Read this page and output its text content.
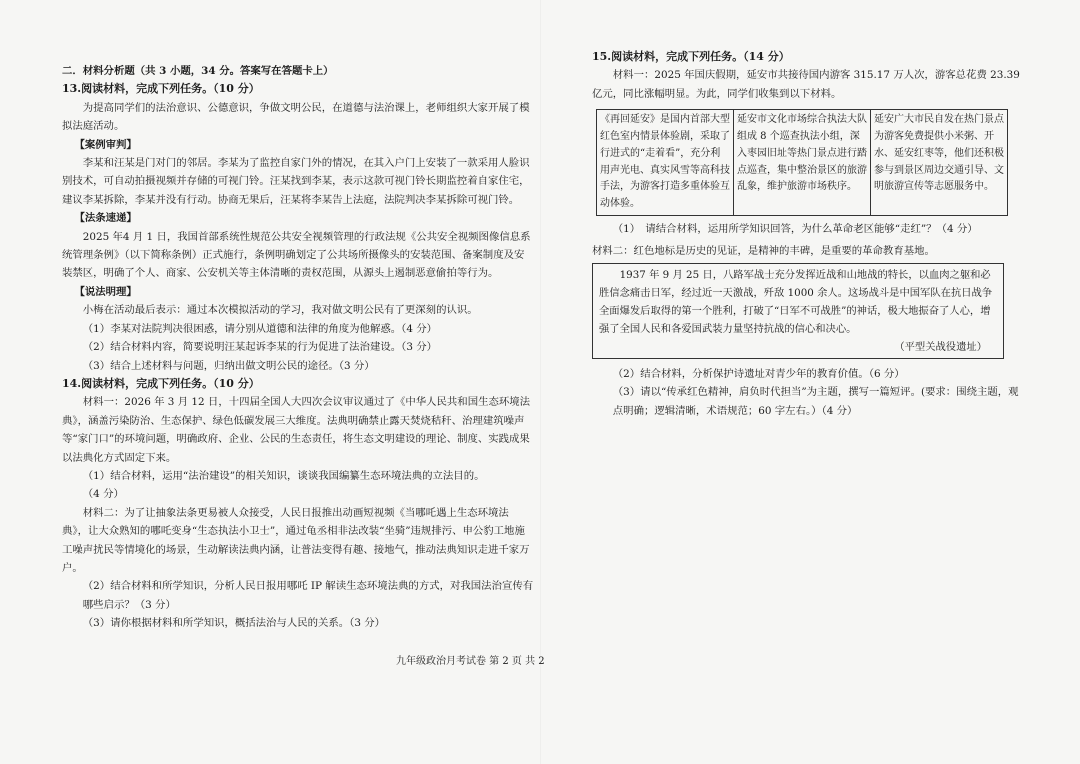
二．材料分析题（共 3 小题，34 分。答案写在答题卡上）

13.阅读材料，完成下列任务。（10 分）

为提高同学们的法治意识、公德意识，争做文明公民，在道德与法治课上，老师组织大家开展了模拟法庭活动。

【案例审判】

李某和汪某是门对门的邻居。李某为了监控自家门外的情况，在其入户门上安装了一款采用人脸识别技术，可自动拍摄视频并存储的可视门铃。汪某找到李某，表示这款可视门铃长期监控着自家住宅，建议李某拆除，李某并没有行动。协商无果后，汪某将李某告上法庭，法院判决李某拆除可视门铃。

【法条速递】

2025 年4 月 1 日，我国首部系统性规范公共安全视频管理的行政法规《公共安全视频图像信息系统管理条例》（以下简称条例）正式施行，条例明确划定了公共场所摄像头的安装范围、备案制度及安装禁区，明确了个人、商家、公安机关等主体清晰的责权范围，从源头上遏制恶意偷拍等行为。

【说法明理】

小梅在活动最后表示：通过本次模拟活动的学习，我对做文明公民有了更深刻的认识。

（1）李某对法院判决很困惑，请分别从道德和法律的角度为他解惑。（4 分）

（2）结合材料内容，简要说明汪某起诉李某的行为促进了法治建设。（3 分）

（3）结合上述材料与问题，归纳出做文明公民的途径。（3 分）

14.阅读材料，完成下列任务。（10 分）

材料一：2026 年 3 月 12 日，十四届全国人大四次会议审议通过了《中华人民共和国生态环境法典》，涵盖污染防治、生态保护、绿色低碳发展三大维度。法典明确禁止露天焚烧秸秆、治理建筑噪声等“家门口”的环境问题，明确政府、企业、公民的生态责任，将生态文明建设的理论、制度、实践成果以法典化方式固定下来。

（1）结合材料，运用“法治建设”的相关知识，谈谈我国编纂生态环境法典的立法目的。

（4 分）

材料二：为了让抽象法条更易被人众接受，人民日报推出动画短视频《当哪吒遇上生态环境法典》，让大众熟知的哪吒变身“生态执法小卫士”，通过龟丞相非法改装“坐骑”违规排污、申公豹工地施工噪声扰民等情境化的场景，生动解读法典内涵，让普法变得有趣、接地气，推动法典知识走进千家万户。

（2）结合材料和所学知识，分析人民日报用哪吒 IP 解读生态环境法典的方式，对我国法治宣传有哪些启示？（3 分）

（3）请你根据材料和所学知识，概括法治与人民的关系。（3 分）

15.阅读材料，完成下列任务。（14 分）

材料一：2025 年国庆假期，延安市共接待国内游客 315.17 万人次，游客总花费 23.39 亿元，同比涨幅明显。为此，同学们收集到以下材料。

《再回延安》是国内首部大型红色室内情景体验剧，采取了行进式的“走着看”，充分利用声光电、真实风雪等高科技手法，为游客打造多重体验互动体验。	延安市文化市场综合执法大队组成 8 个巡查执法小组，深入枣园旧址等热门景点进行踏点巡查，集中整治景区的旅游乱象，维护旅游市场秩序。	延安广大市民自发在热门景点为游客免费提供小米粥、开水、延安红枣等，他们还积极参与到景区周边交通引导、文明旅游宣传等志愿服务中。

（1）　请结合材料，运用所学知识回答，为什么革命老区能够“走红”？（4 分）

材料二：红色地标是历史的见证，是精神的丰碑，是重要的革命教育基地。

1937 年 9 月 25 日，八路军战士充分发挥近战和山地战的特长，以血肉之躯和必胜信念痛击日军，经过近一天激战，歼敌 1000 余人。这场战斗是中国军队在抗日战争全面爆发后取得的第一个胜利，打破了“日军不可战胜”的神话，极大地振奋了人心，增强了全国人民和各爱国武装力量坚持抗战的信心和决心。

（平型关战役遗址）

（2）结合材料，分析保护诗遗址对青少年的教育价值。（6 分）

（3）请以“传承红色精神，肩负时代担当”为主题，撰写一篇短评。(要求：围绕主题，观点明确；逻辑清晰，术语规范；60 字左右。）（4 分）

九年级政治月考试卷 第 2 页 共 2
